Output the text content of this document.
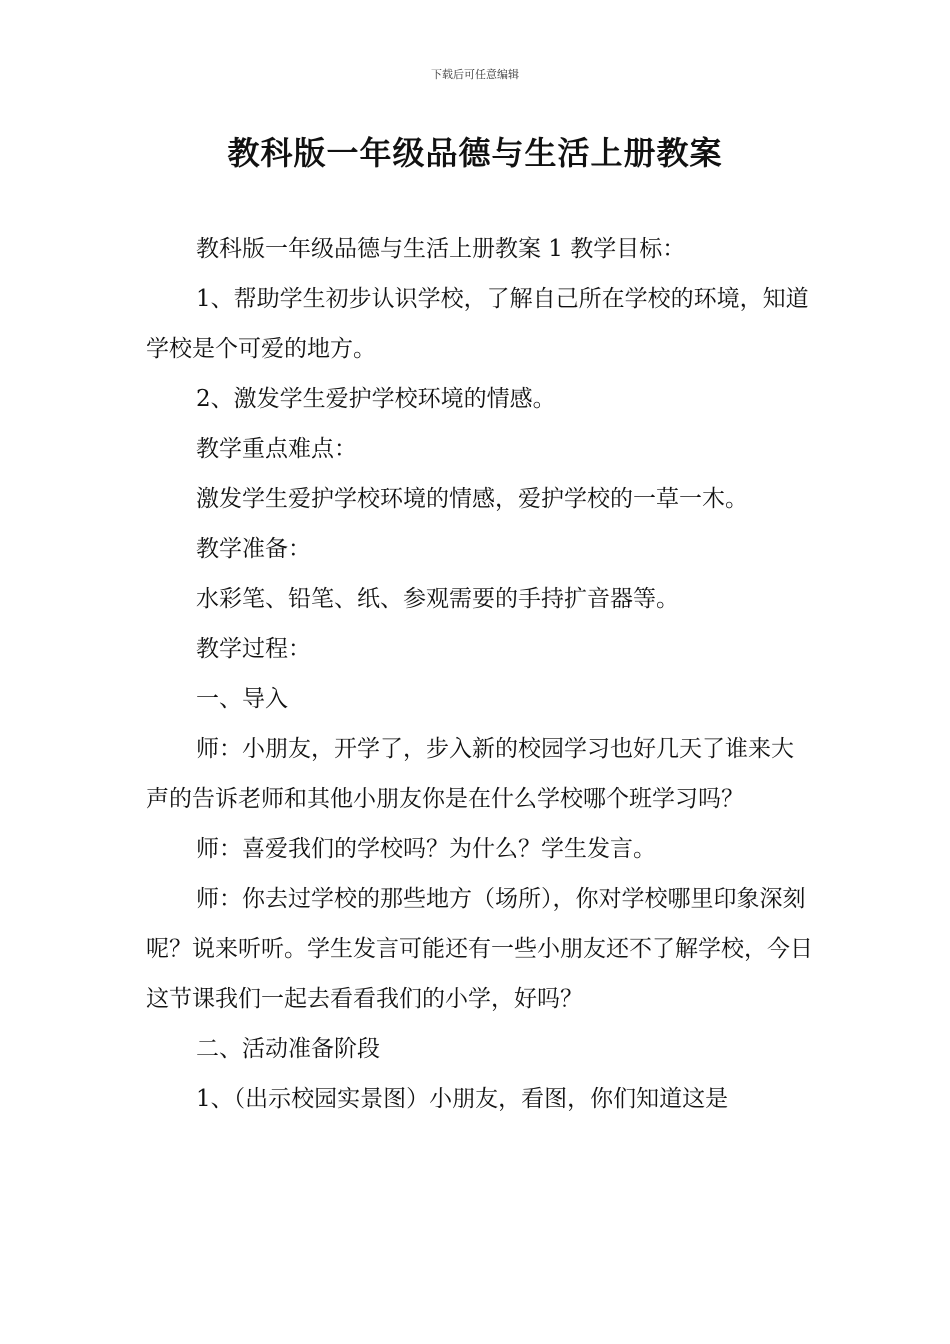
下载后可任意编辑
教科版一年级品德与生活上册教案

教科版一年级品德与生活上册教案 1 教学目标：

1、帮助学生初步认识学校，了解自己所在学校的环境，知道学校是个可爱的地方。

2、激发学生爱护学校环境的情感。

教学重点难点：

激发学生爱护学校环境的情感，爱护学校的一草一木。

教学准备：

水彩笔、铅笔、纸、参观需要的手持扩音器等。

教学过程：

一、导入

师：小朋友，开学了，步入新的校园学习也好几天了谁来大声的告诉老师和其他小朋友你是在什么学校哪个班学习吗？

师：喜爱我们的学校吗？为什么？学生发言。

师：你去过学校的那些地方（场所），你对学校哪里印象深刻呢？说来听听。学生发言可能还有一些小朋友还不了解学校，今日这节课我们一起去看看我们的小学，好吗？

二、活动准备阶段

1、（出示校园实景图）小朋友，看图，你们知道这是
